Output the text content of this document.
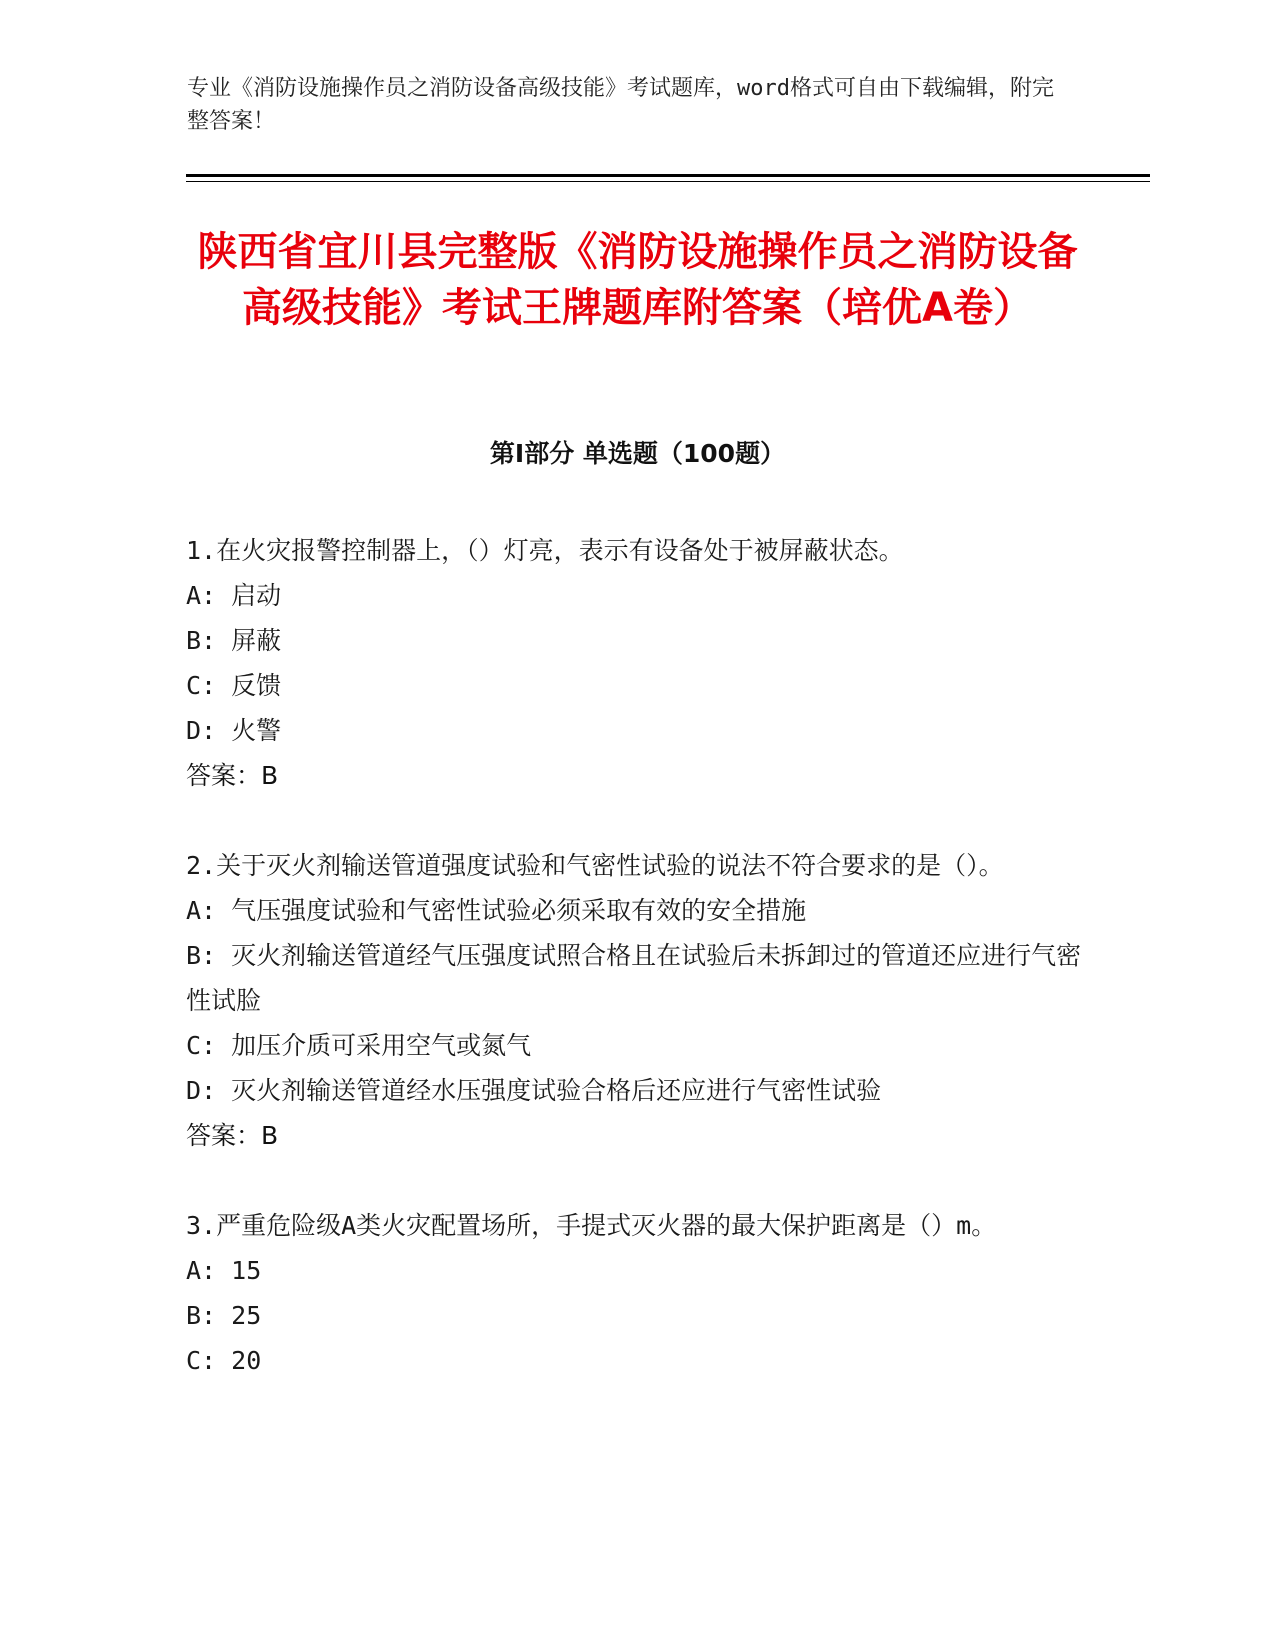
专业《消防设施操作员之消防设备高级技能》考试题库，word格式可自由下载编辑，附完整答案！
陕西省宜川县完整版《消防设施操作员之消防设备高级技能》考试王牌题库附答案（培优A卷）
第I部分 单选题（100题）
1.在火灾报警控制器上，（）灯亮，表示有设备处于被屏蔽状态。
A: 启动
B: 屏蔽
C: 反馈
D: 火警
答案：B
2.关于灭火剂输送管道强度试验和气密性试验的说法不符合要求的是（）。
A: 气压强度试验和气密性试验必须采取有效的安全措施
B: 灭火剂输送管道经气压强度试照合格且在试验后未拆卸过的管道还应进行气密性试脸
C: 加压介质可采用空气或氮气
D: 灭火剂输送管道经水压强度试验合格后还应进行气密性试验
答案：B
3.严重危险级A类火灾配置场所，手提式灭火器的最大保护距离是（）m。
A: 15
B: 25
C: 20
